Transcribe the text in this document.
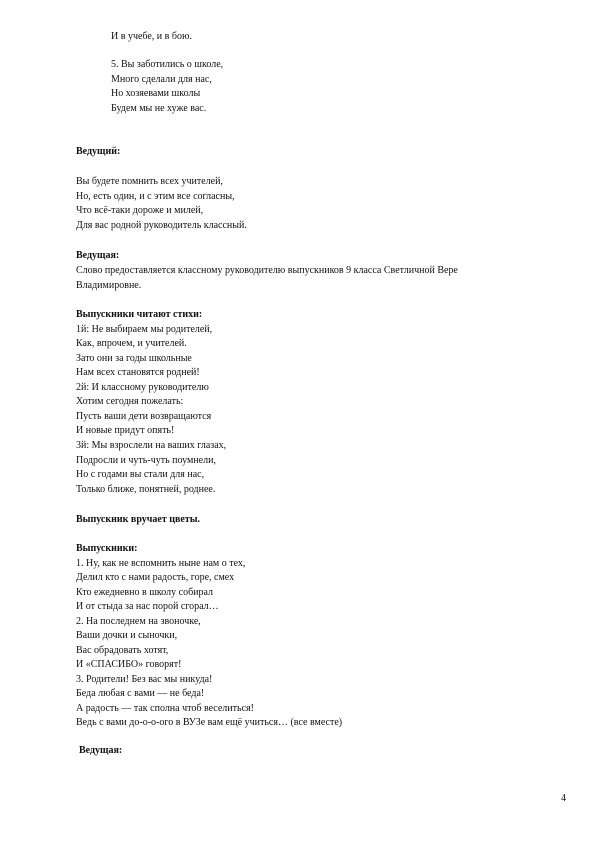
И в учебе, и в бою.
5. Вы заботились о школе,
Много сделали для нас,
Но хозяевами школы
Будем мы не хуже вас.
Ведущий:
Вы будете помнить всех учителей,
Но, есть один, и с этим все согласны,
Что всё-таки дороже и милей,
Для вас родной руководитель классный.
Ведущая:
Слово предоставляется классному руководителю выпускников 9 класса Светличной Вере
Владимировне.
Выпускники читают стихи:
1й: Не выбираем мы родителей,
Как, впрочем, и учителей.
Зато они за годы школьные
Нам всех становятся родней!
2й: И классному руководителю
Хотим сегодня пожелать:
Пусть ваши дети возвращаются
И новые придут опять!
3й: Мы взрослели на ваших глазах,
Подросли и чуть-чуть поумнели,
Но с годами вы стали для нас,
Только ближе, понятней, роднее.
Выпускник вручает цветы.
Выпускники:
1. Ну, как не вспомнить ныне нам о тех,
Делил кто с нами радость, горе, смех
Кто ежедневно в школу собирал
И от стыда за нас порой сгорал…
2. На последнем на звоночке,
Ваши дочки и сыночки,
Вас обрадовать хотят,
И «СПАСИБО» говорят!
3. Родители! Без вас мы никуда!
Беда любая с вами — не беда!
А радость — так сполна чтоб веселиться!
Ведь с вами до-о-о-ого в ВУЗе вам ещё учиться… (все вместе)
Ведущая:
4
